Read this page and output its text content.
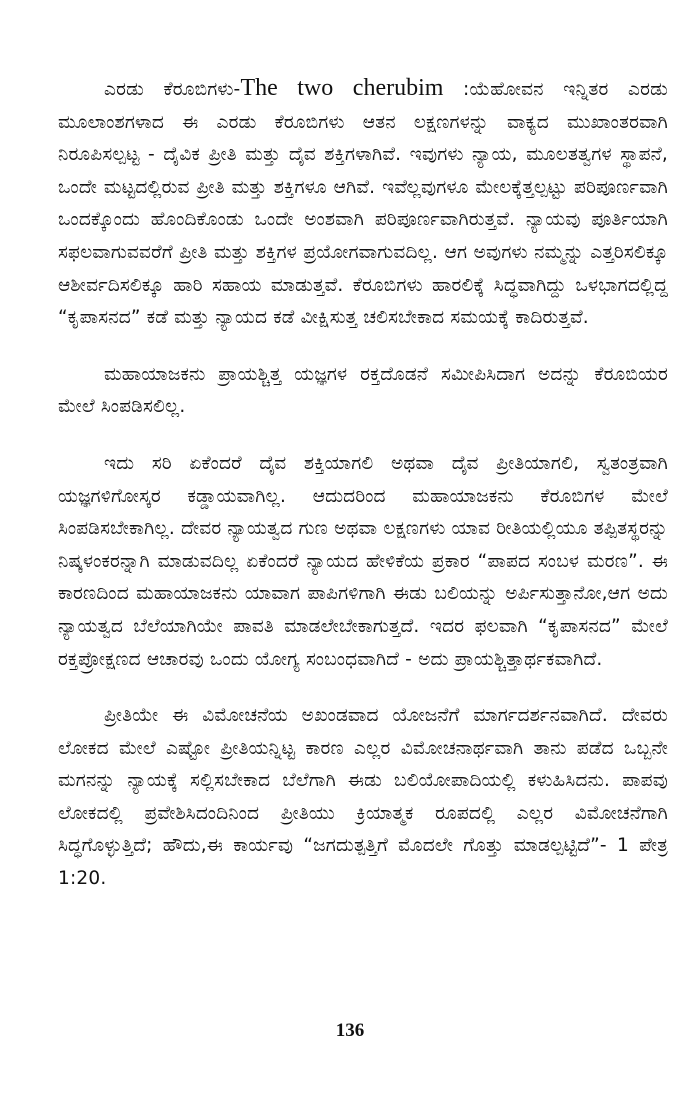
ಎರಡು ಕೆರೂಬಿಗಳು-The two cherubim :ಯೆಹೋವನ ಇನ್ನಿತರ ಎರಡು ಮೂಲಾಂಶಗಳಾದ ಈ ಎರಡು ಕೆರೂಬಿಗಳು ಆತನ ಲಕ್ಷಣಗಳನ್ನು ವಾಕ್ಯದ ಮುಖಾಂತರವಾಗಿ ನಿರೂಪಿಸಲ್ಪಟ್ಟ - ದೈವಿಕ ಪ್ರೀತಿ ಮತ್ತು ದೈವ ಶಕ್ತಿಗಳಾಗಿವೆ. ಇವುಗಳು ನ್ಯಾಯ, ಮೂಲತತ್ವಗಳ ಸ್ಥಾಪನೆ, ಒಂದೇ ಮಟ್ಟದಲ್ಲಿರುವ ಪ್ರೀತಿ ಮತ್ತು ಶಕ್ತಿಗಳೂ ಆಗಿವೆ. ಇವೆಲ್ಲವುಗಳೂ ಮೇಲಕ್ಕೆತ್ತಲ್ಪಟ್ಟು ಪರಿಪೂರ್ಣವಾಗಿ ಒಂದಕ್ಕೊಂದು ಹೊಂದಿಕೊಂಡು ಒಂದೇ ಅಂಶವಾಗಿ ಪರಿಪೂರ್ಣವಾಗಿರುತ್ತವೆ. ನ್ಯಾಯವು ಪೂರ್ತಿಯಾಗಿ ಸಫಲವಾಗುವವರೆಗೆ ಪ್ರೀತಿ ಮತ್ತು ಶಕ್ತಿಗಳ ಪ್ರಯೋಗವಾಗುವದಿಲ್ಲ. ಆಗ ಅವುಗಳು ನಮ್ಮನ್ನು ಎತ್ತರಿಸಲಿಕ್ಕೂ ಆಶೀರ್ವದಿಸಲಿಕ್ಕೂ ಹಾರಿ ಸಹಾಯ ಮಾಡುತ್ತವೆ. ಕೆರೂಬಿಗಳು ಹಾರಲಿಕ್ಕೆ ಸಿದ್ಧವಾಗಿದ್ದು ಒಳಭಾಗದಲ್ಲಿದ್ದ “ಕೃಪಾಸನದ” ಕಡೆ ಮತ್ತು ನ್ಯಾಯದ ಕಡೆ ವೀಕ್ಷಿಸುತ್ತ ಚಲಿಸಬೇಕಾದ ಸಮಯಕ್ಕೆ ಕಾದಿರುತ್ತವೆ.

ಮಹಾಯಾಜಕನು ಪ್ರಾಯಶ್ಚಿತ್ತ ಯಜ್ಞಗಳ ರಕ್ತದೊಡನೆ ಸಮೀಪಿಸಿದಾಗ ಅದನ್ನು ಕೆರೂಬಿಯರ ಮೇಲೆ ಸಿಂಪಡಿಸಲಿಲ್ಲ.

ಇದು ಸರಿ ಏಕೆಂದರೆ ದೈವ ಶಕ್ತಿಯಾಗಲಿ ಅಥವಾ ದೈವ ಪ್ರೀತಿಯಾಗಲಿ, ಸ್ವತಂತ್ರವಾಗಿ ಯಜ್ಞಗಳಿಗೋಸ್ಕರ ಕಡ್ಡಾಯವಾಗಿಲ್ಲ. ಆದುದರಿಂದ ಮಹಾಯಾಜಕನು ಕೆರೂಬಿಗಳ ಮೇಲೆ ಸಿಂಪಡಿಸಬೇಕಾಗಿಲ್ಲ. ದೇವರ ನ್ಯಾಯತ್ವದ ಗುಣ ಅಥವಾ ಲಕ್ಷಣಗಳು ಯಾವ ರೀತಿಯಲ್ಲಿಯೂ ತಪ್ಪಿತಸ್ಥರನ್ನು ನಿಷ್ಕಳಂಕರನ್ನಾಗಿ ಮಾಡುವದಿಲ್ಲ ಏಕೆಂದರೆ ನ್ಯಾಯದ ಹೇಳಿಕೆಯ ಪ್ರಕಾರ “ಪಾಪದ ಸಂಬಳ ಮರಣ”. ಈ ಕಾರಣದಿಂದ ಮಹಾಯಾಜಕನು ಯಾವಾಗ ಪಾಪಿಗಳಿಗಾಗಿ ಈಡು ಬಲಿಯನ್ನು ಅರ್ಪಿಸುತ್ತಾನೋ,ಆಗ ಅದು ನ್ಯಾಯತ್ವದ ಬೆಲೆಯಾಗಿಯೇ ಪಾವತಿ ಮಾಡಲೇಬೇಕಾಗುತ್ತದೆ. ಇದರ ಫಲವಾಗಿ “ಕೃಪಾಸನದ” ಮೇಲೆ ರಕ್ತಪ್ರೋಕ್ಷಣದ ಆಚಾರವು ಒಂದು ಯೋಗ್ಯ ಸಂಬಂಧವಾಗಿದೆ - ಅದು ಪ್ರಾಯಶ್ಚಿತ್ತಾರ್ಥಕವಾಗಿದೆ.

ಪ್ರೀತಿಯೇ ಈ ವಿಮೋಚನೆಯ ಅಖಂಡವಾದ ಯೋಜನೆಗೆ ಮಾರ್ಗದರ್ಶನವಾಗಿದೆ. ದೇವರು ಲೋಕದ ಮೇಲೆ ಎಷ್ಟೋ ಪ್ರೀತಿಯನ್ನಿಟ್ಟ ಕಾರಣ ಎಲ್ಲರ ವಿಮೋಚನಾರ್ಥವಾಗಿ ತಾನು ಪಡೆದ ಒಬ್ಬನೇ ಮಗನನ್ನು ನ್ಯಾಯಕ್ಕೆ ಸಲ್ಲಿಸಬೇಕಾದ ಬೆಲೆಗಾಗಿ ಈಡು ಬಲಿಯೋಪಾದಿಯಲ್ಲಿ ಕಳುಹಿಸಿದನು. ಪಾಪವು ಲೋಕದಲ್ಲಿ ಪ್ರವೇಶಿಸಿದಂದಿನಿಂದ ಪ್ರೀತಿಯು ಕ್ರಿಯಾತ್ಮಕ ರೂಪದಲ್ಲಿ ಎಲ್ಲರ ವಿಮೋಚನೆಗಾಗಿ ಸಿದ್ಧಗೊಳ್ಳುತ್ತಿದೆ; ಹೌದು,ಈ ಕಾರ್ಯವು “ಜಗದುತ್ಪತ್ತಿಗೆ ಮೊದಲೇ ಗೊತ್ತು ಮಾಡಲ್ಪಟ್ಟಿದೆ”- 1 ಪೇತ್ರ 1:20.

136
